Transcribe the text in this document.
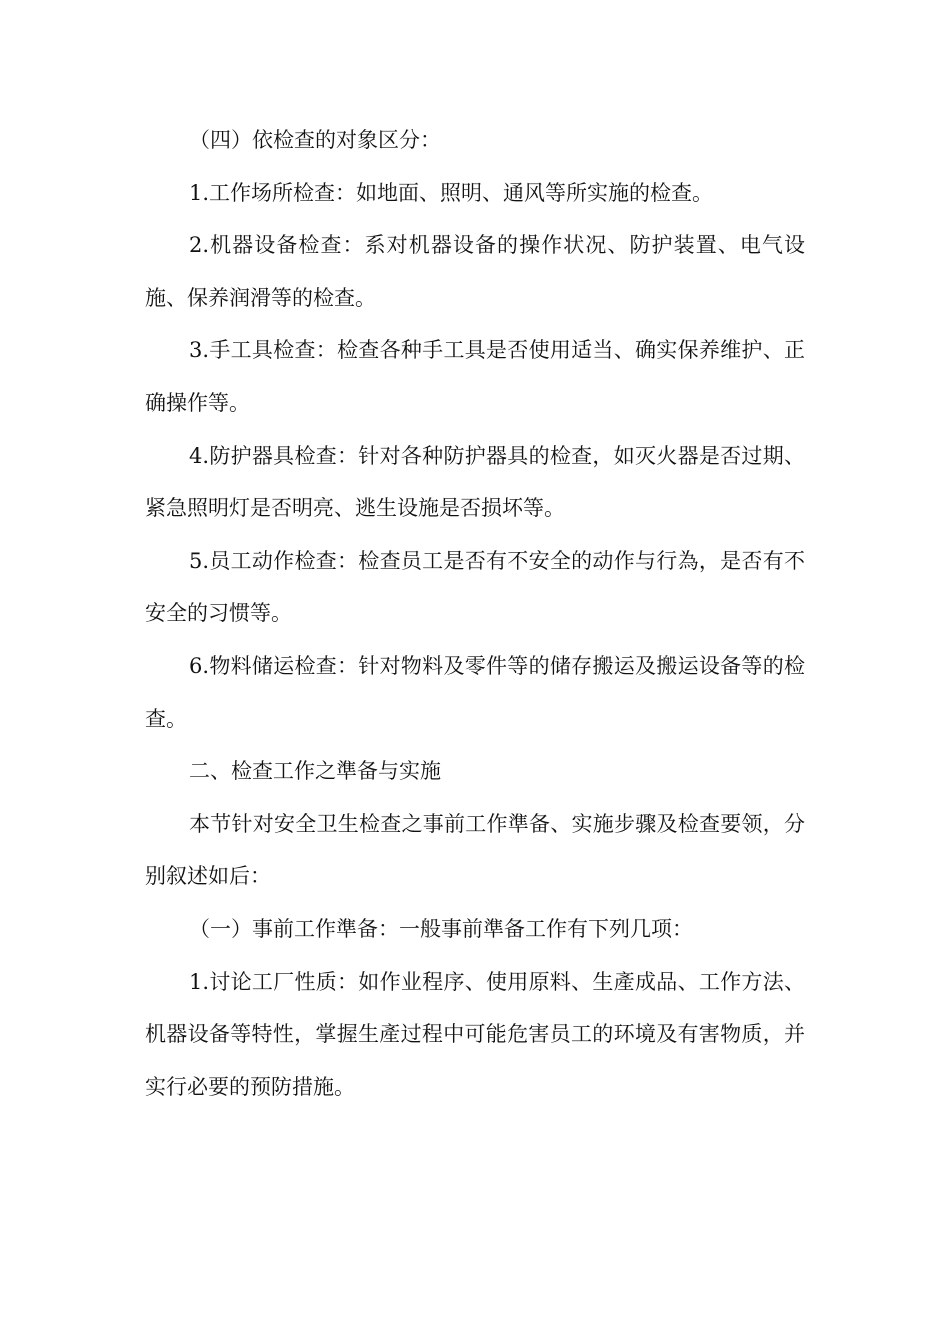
（四）依检查的对象区分：

1.工作场所检查：如地面、照明、通风等所实施的检查。

2.机器设备检查：系对机器设备的操作状况、防护装置、电气设施、保养润滑等的检查。

3.手工具检查：检查各种手工具是否使用适当、确实保养维护、正确操作等。

4.防护器具检查：针对各种防护器具的检查，如灭火器是否过期、紧急照明灯是否明亮、逃生设施是否损坏等。

5.员工动作检查：检查员工是否有不安全的动作与行為，是否有不安全的习惯等。

6.物料储运检查：针对物料及零件等的储存搬运及搬运设备等的检查。

二、检查工作之準备与实施

本节针对安全卫生检查之事前工作準备、实施步骤及检查要领，分别叙述如后：

（一）事前工作準备：一般事前準备工作有下列几项：

1.讨论工厂性质：如作业程序、使用原料、生產成品、工作方法、机器设备等特性，掌握生產过程中可能危害员工的环境及有害物质，并实行必要的预防措施。
